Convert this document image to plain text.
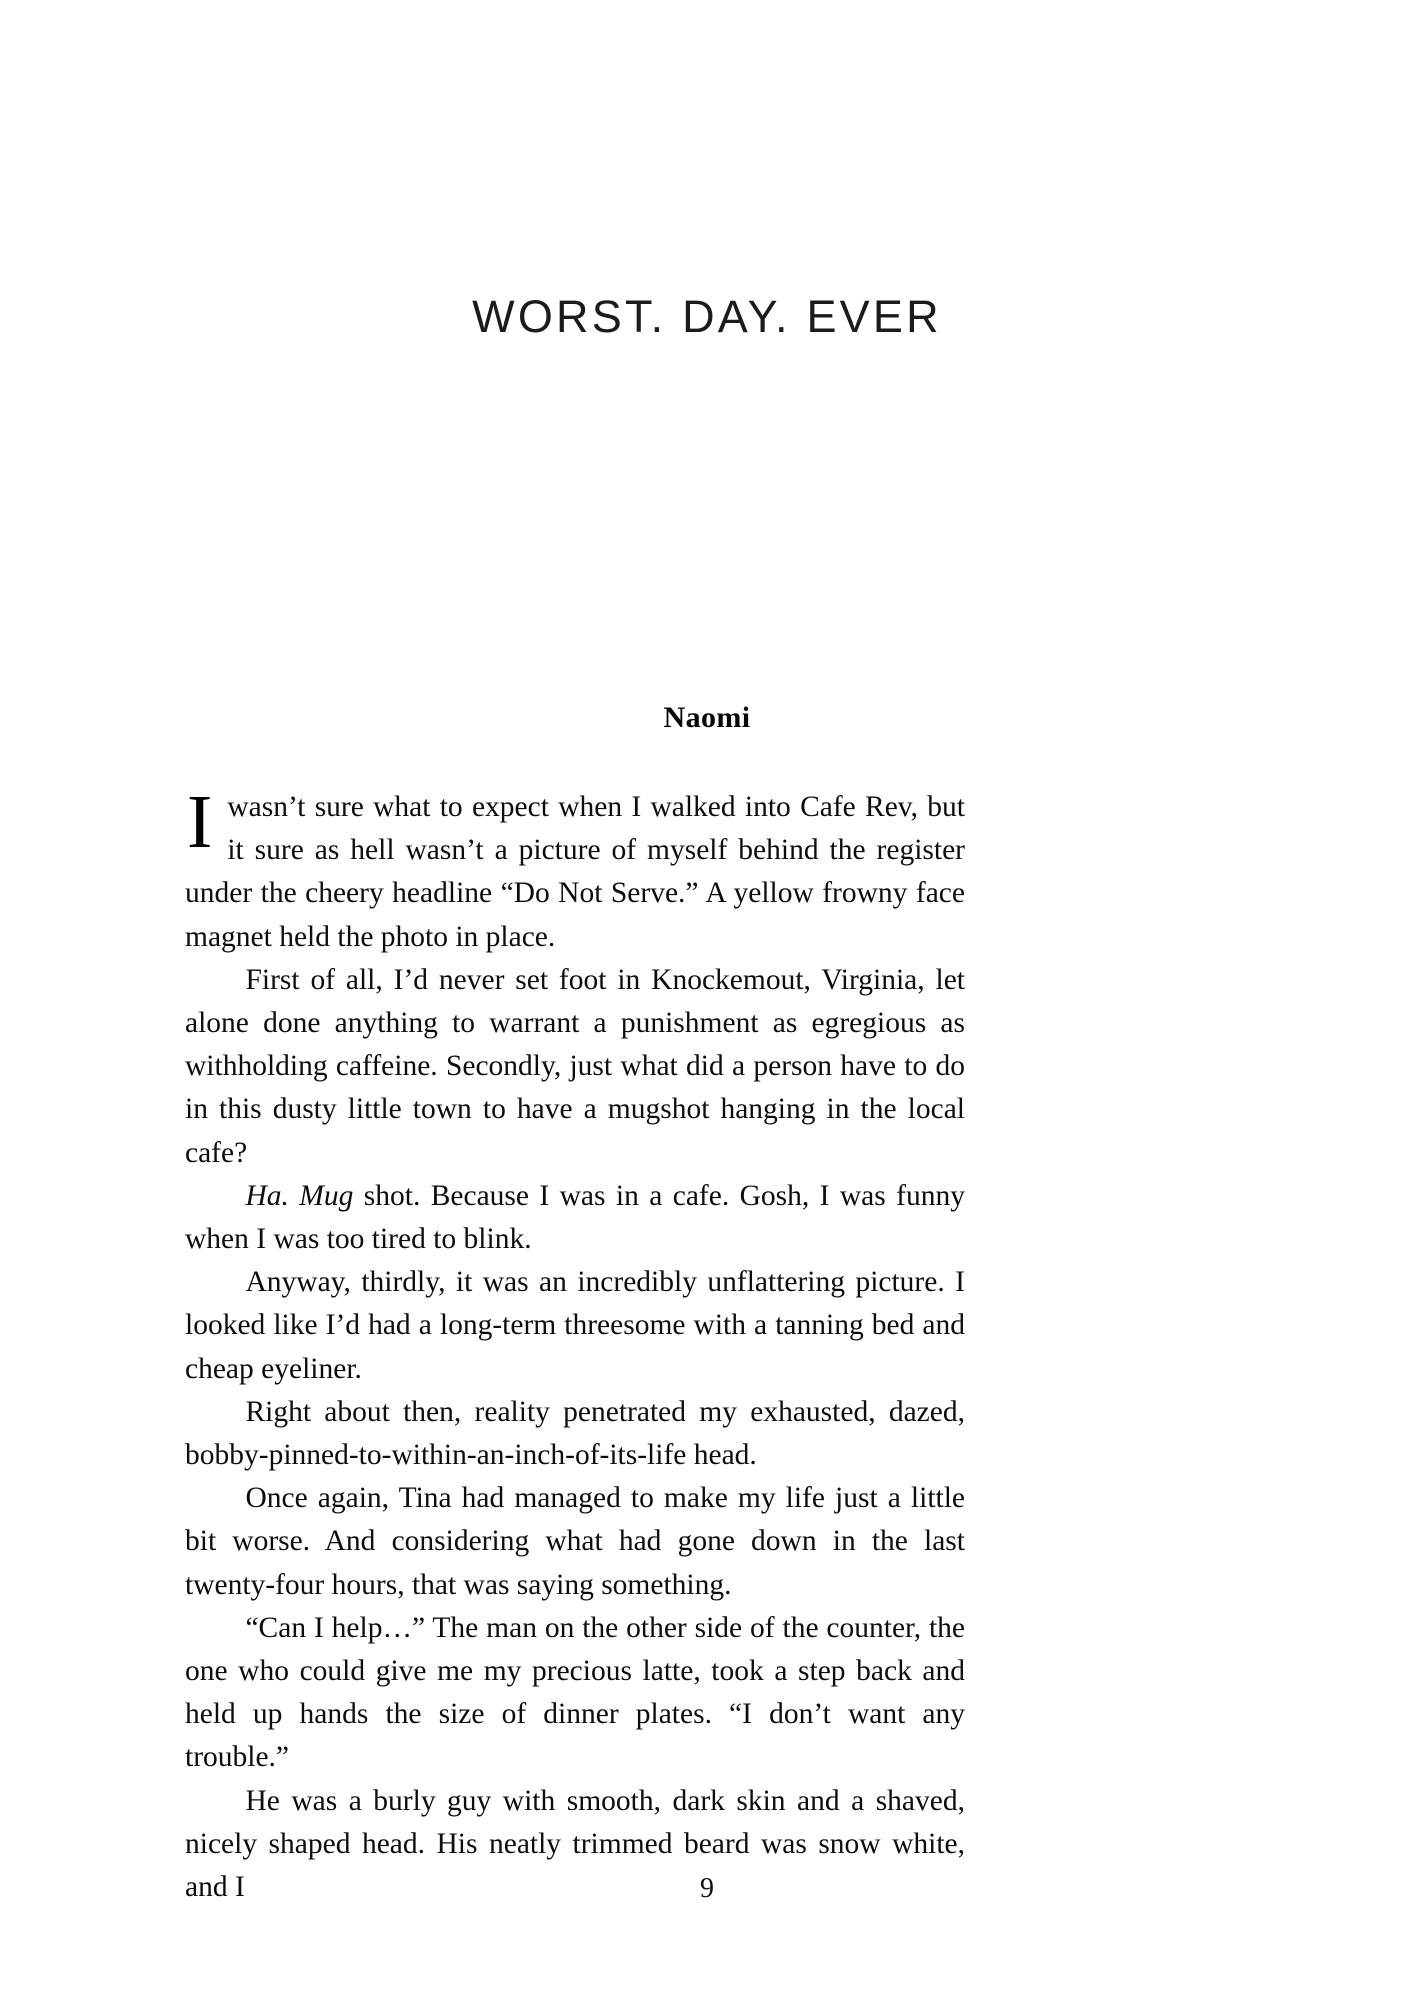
WORST. DAY. EVER
Naomi

Iwasn’t sure what to expect when I walked into Cafe Rev, but it sure as hell wasn’t a picture of myself behind the register under the cheery headline “Do Not Serve.” A yellow frowny face magnet held the photo in place.

First of all, I’d never set foot in Knockemout, Virginia, let alone done anything to warrant a punishment as egregious as withholding caffeine. Secondly, just what did a person have to do in this dusty little town to have a mugshot hanging in the local cafe?

Ha. Mug shot. Because I was in a cafe. Gosh, I was funny when I was too tired to blink.

Anyway, thirdly, it was an incredibly unflattering picture. I looked like I’d had a long-term threesome with a tanning bed and cheap eyeliner.

Right about then, reality penetrated my exhausted, dazed, bobby-pinned-to-within-an-inch-of-its-life head.

Once again, Tina had managed to make my life just a little bit worse. And considering what had gone down in the last twenty-four hours, that was saying something.

“Can I help…” The man on the other side of the counter, the one who could give me my precious latte, took a step back and held up hands the size of dinner plates. “I don’t want any trouble.”

He was a burly guy with smooth, dark skin and a shaved, nicely shaped head. His neatly trimmed beard was snow white, and I	9
